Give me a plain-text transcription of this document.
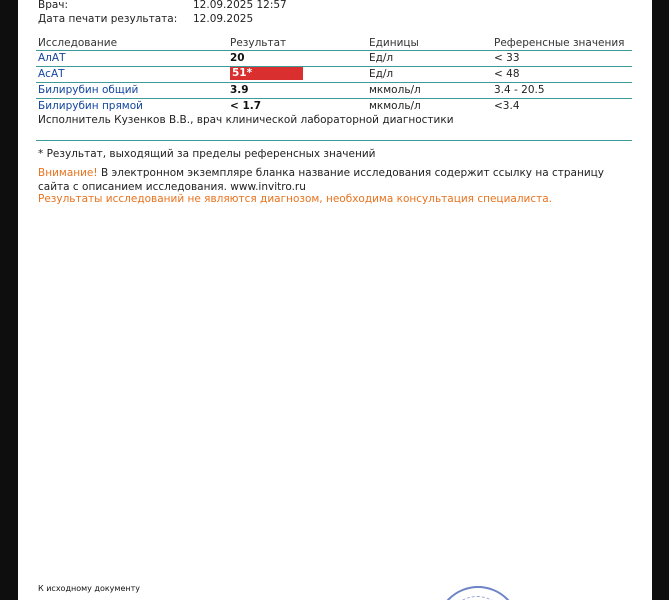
Врач:	12.09.2025 12:57
Дата печати результата: 12.09.2025
Исследование	Результат	Единицы	Референсные значения
АлАТ	20	Ед/л	< 33
АсАТ	51*	Ед/л	< 48
Билирубин общий	3.9	мкмоль/л	3.4 - 20.5
Билирубин прямой	< 1.7	мкмоль/л	<3.4
Исполнитель Кузенков В.В., врач клинической лабораторной диагностики
* Результат, выходящий за пределы референсных значений
Внимание! В электронном экземпляре бланка название исследования содержит ссылку на страницу сайта с описанием исследования. www.invitro.ru
Результаты исследований не являются диагнозом, необходима консультация специалиста.
К исходному документу
